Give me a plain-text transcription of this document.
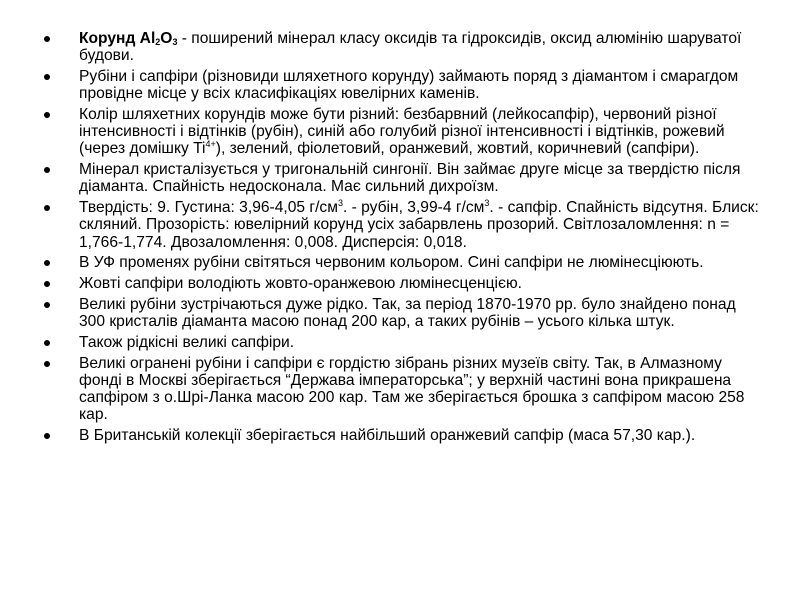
Корунд $Al_2O_3$ - поширений мінерал класу оксидів та гідроксидів, оксид алюмінію шаруватої будови.
Рубіни і сапфіри (різновиди шляхетного корунду) займають поряд з діамантом і смарагдом провідне місце у всіх класифікаціях ювелірних каменів.
Колір шляхетних корундів може бути різний: безбарвний (лейкосапфір), червоний різної інтенсивності і відтінків (рубін), синій або голубий різної інтенсивності і відтінків, рожевий (через домішку $Ti^{4+}$), зелений, фіолетовий, оранжевий, жовтий, коричневий (сапфіри).
Мінерал кристалізується у тригональній сингонії. Він займає друге місце за твердістю після діаманта. Спайність недосконала. Має сильний дихроїзм.
Твердість: 9. Густина: 3,96-4,05 $г/см^3$. - рубін, 3,99-4 $г/см^3$. - сапфір. Спайність відсутня. Блиск: скляний. Прозорість: ювелірний корунд усіх забарвлень прозорий. Світлозаломлення: n = 1,766-1,774. Двозаломлення: 0,008. Дисперсія: 0,018.
В УФ променях рубіни світяться червоним кольором. Сині сапфіри не люмінесціюють.
Жовті сапфіри володіють жовто-оранжевою люмінесценцією.
Великі рубіни зустрічаються дуже рідко. Так, за період 1870-1970 рр. було знайдено понад 300 кристалів діаманта масою понад 200 кар, а таких рубінів – усього кілька штук.
Також рідкісні великі сапфіри.
Великі огранені рубіни і сапфіри є гордістю зібрань різних музеїв світу. Так, в Алмазному фонді в Москві зберігається “Держава імператорська”; у верхній частині вона прикрашена сапфіром з о.Шрі-Ланка масою 200 кар. Там же зберігається брошка з сапфіром масою 258 кар.
В Британській колекції зберігається найбільший оранжевий сапфір (маса 57,30 кар.).
